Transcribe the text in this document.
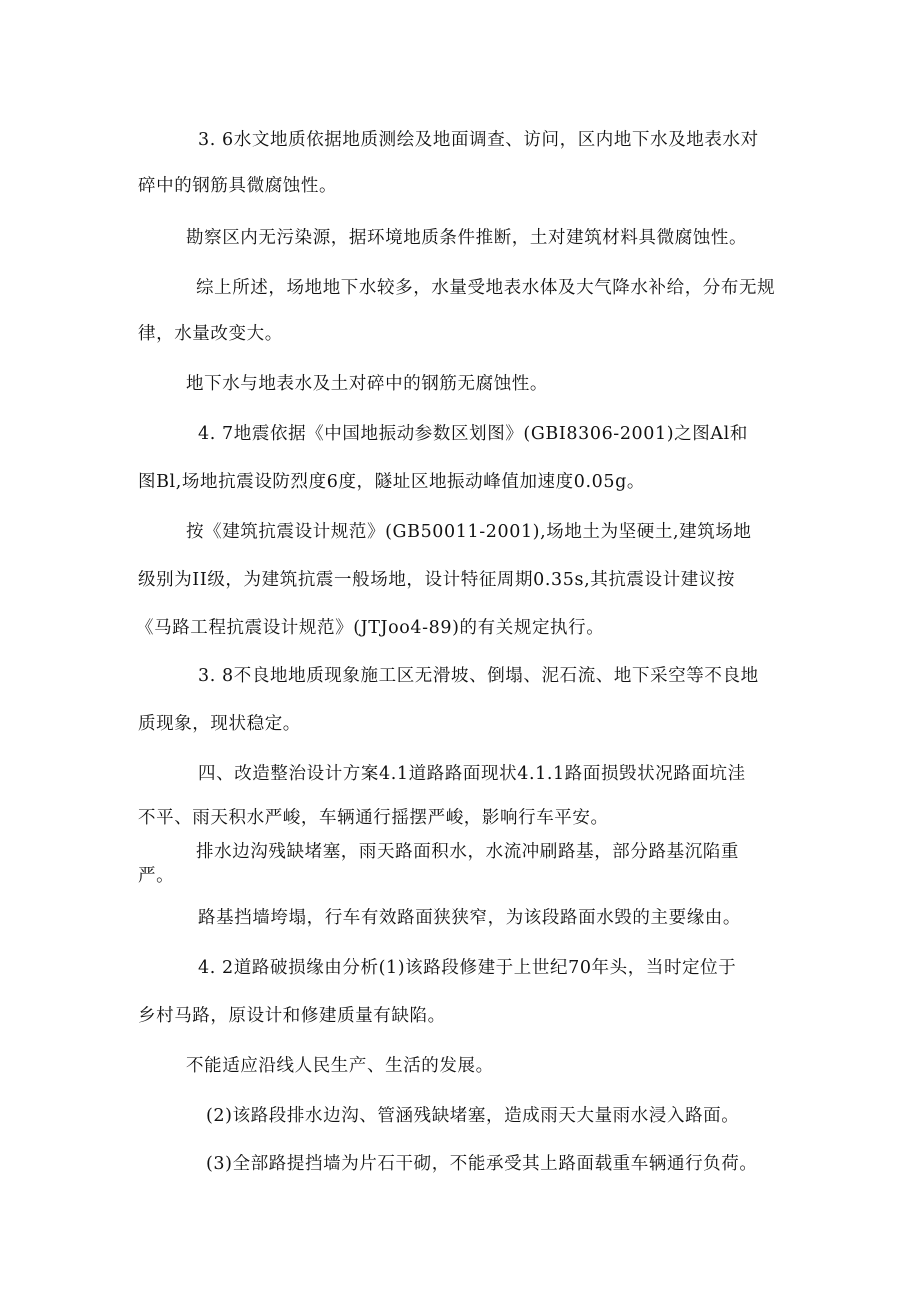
3. 6水文地质依据地质测绘及地面调查、访问，区内地下水及地表水对

碎中的钢筋具微腐蚀性。

勘察区内无污染源，据环境地质条件推断，土对建筑材料具微腐蚀性。

综上所述，场地地下水较多，水量受地表水体及大气降水补给，分布无规

律，水量改变大。

地下水与地表水及土对碎中的钢筋无腐蚀性。

4. 7地震依据《中国地振动参数区划图》(GBI8306-2001)之图Al和

图Bl,场地抗震设防烈度6度，隧址区地振动峰值加速度0.05g。

按《建筑抗震设计规范》(GB50011-2001),场地土为坚硬土,建筑场地

级别为II级，为建筑抗震一般场地，设计特征周期0.35s,其抗震设计建议按

《马路工程抗震设计规范》(JTJoo4-89)的有关规定执行。

3. 8不良地地质现象施工区无滑坡、倒塌、泥石流、地下采空等不良地

质现象，现状稳定。

四、改造整治设计方案4.1道路路面现状4.1.1路面损毁状况路面坑洼

不平、雨天积水严峻，车辆通行摇摆严峻，影响行车平安。

排水边沟残缺堵塞，雨天路面积水，水流冲刷路基，部分路基沉陷重

严。

路基挡墙垮塌，行车有效路面狭狭窄，为该段路面水毁的主要缘由。

4. 2道路破损缘由分析(1)该路段修建于上世纪70年头，当时定位于

乡村马路，原设计和修建质量有缺陷。

不能适应沿线人民生产、生活的发展。

(2)该路段排水边沟、管涵残缺堵塞，造成雨天大量雨水浸入路面。

(3)全部路提挡墙为片石干砌，不能承受其上路面载重车辆通行负荷。
